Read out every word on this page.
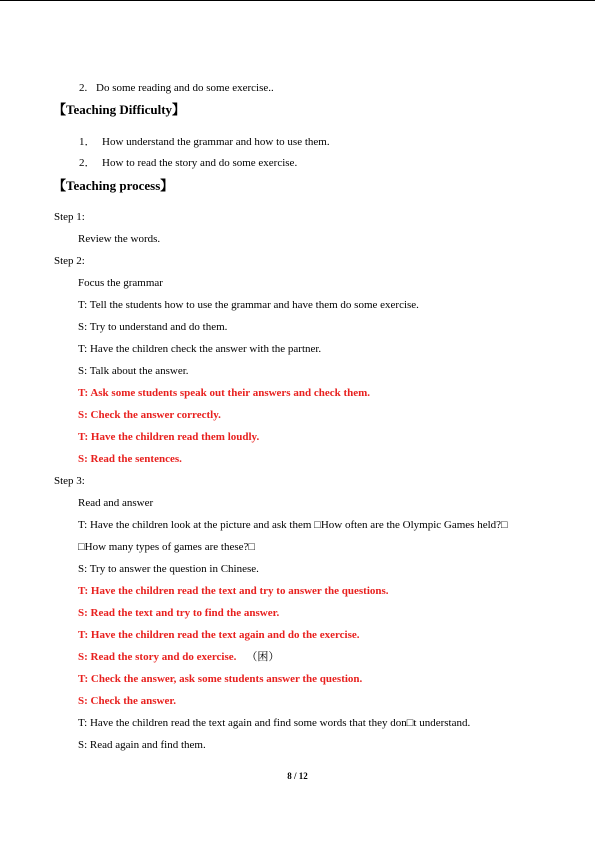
2. Do some reading and do some exercise..
【Teaching Difficulty】
1． How understand the grammar and how to use them.
2． How to read the story and do some exercise.
【Teaching process】
Step 1:
Review the words.
Step 2:
Focus the grammar
T: Tell the students how to use the grammar and have them do some exercise.
S: Try to understand and do them.
T: Have the children check the answer with the partner.
S: Talk about the answer.
T: Ask some students speak out their answers and check them.
S: Check the answer correctly.
T: Have the children read them loudly.
S: Read the sentences.
Step 3:
Read and answer
T: Have the children look at the picture and ask them □How often are the Olympic Games held?□
□How many types of games are these?□
S: Try to answer the question in Chinese.
T: Have the children read the text and try to answer the questions.
S: Read the text and try to find the answer.
T: Have the children read the text again and do the exercise.
S: Read the story and do exercise. （困）
T: Check the answer, ask some students answer the question.
S: Check the answer.
T: Have the children read the text again and find some words that they don□t understand.
S: Read again and find them.
8 / 12
